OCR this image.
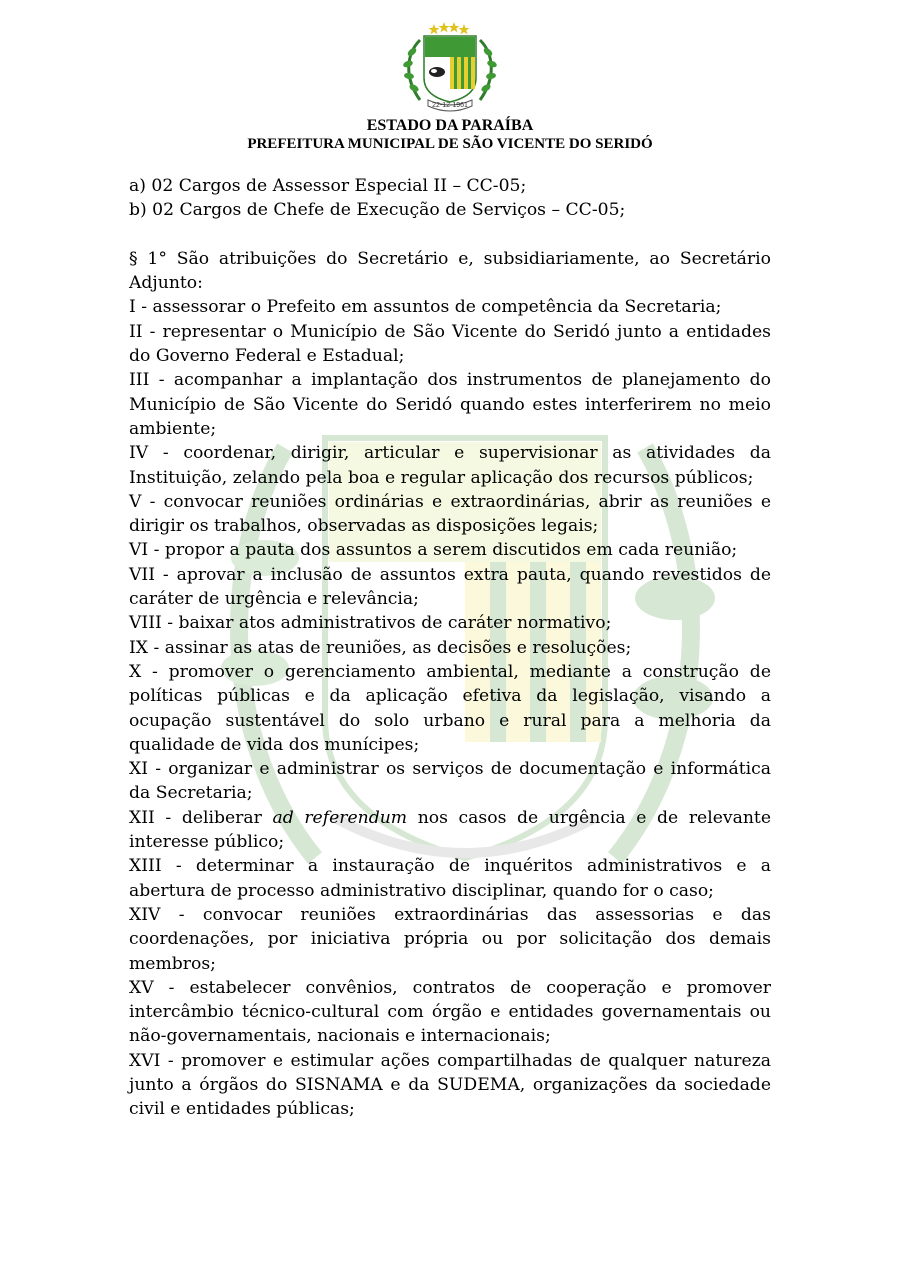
22-12-1961
ESTADO DA PARAÍBA
PREFEITURA MUNICIPAL DE SÃO VICENTE DO SERIDÓ

a) 02 Cargos de Assessor Especial II – CC-05;

b) 02 Cargos de Chefe de Execução de Serviços – CC-05;

§ 1° São atribuições do Secretário e, subsidiariamente, ao Secretário Adjunto:

I - assessorar o Prefeito em assuntos de competência da Secretaria;

II - representar o Município de São Vicente do Seridó junto a entidades do Governo Federal e Estadual;

III - acompanhar a implantação dos instrumentos de planejamento do Município de São Vicente do Seridó quando estes interferirem no meio ambiente;

IV - coordenar, dirigir, articular e supervisionar as atividades da Instituição, zelando pela boa e regular aplicação dos recursos públicos;

V - convocar reuniões ordinárias e extraordinárias, abrir as reuniões e dirigir os trabalhos, observadas as disposições legais;

VI - propor a pauta dos assuntos a serem discutidos em cada reunião;

VII - aprovar a inclusão de assuntos extra pauta, quando revestidos de caráter de urgência e relevância;

VIII - baixar atos administrativos de caráter normativo;

IX - assinar as atas de reuniões, as decisões e resoluções;

X - promover o gerenciamento ambiental, mediante a construção de políticas públicas e da aplicação efetiva da legislação, visando a ocupação sustentável do solo urbano e rural para a melhoria da qualidade de vida dos munícipes;

XI - organizar e administrar os serviços de documentação e informática da Secretaria;

XII - deliberar ad referendum nos casos de urgência e de relevante interesse público;

XIII - determinar a instauração de inquéritos administrativos e a abertura de processo administrativo disciplinar, quando for o caso;

XIV - convocar reuniões extraordinárias das assessorias e das coordenações, por iniciativa própria ou por solicitação dos demais membros;

XV - estabelecer convênios, contratos de cooperação e promover intercâmbio técnico-cultural com órgão e entidades governamentais ou não-governamentais, nacionais e internacionais;

XVI - promover e estimular ações compartilhadas de qualquer natureza junto a órgãos do SISNAMA e da SUDEMA, organizações da sociedade civil e entidades públicas;
